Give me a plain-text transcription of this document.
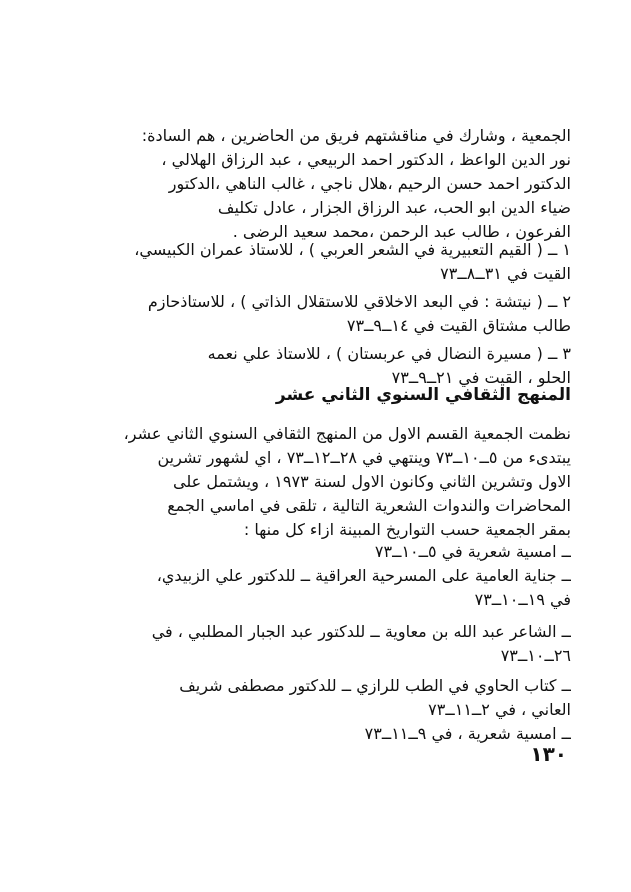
الجمعية ، وشارك في مناقشتهم فريق من الحاضرين ، هم السادة:
نور الدين الواعظ ، الدكتور احمد الربيعي ، عبد الرزاق الهلالي ،
الدكتور احمد حسن الرحيم ،هلال ناجي ، غالب الناهي ،الدكتور
ضياء الدين ابو الحب، عبد الرزاق الجزار ، عادل تكليف
الفرعون ، طالب عبد الرحمن ،محمد سعيد الرضى .
١ ــ ( القيم التعبيرية في الشعر العربي ) ، للاستاذ عمران الكبيسي،
القيت في ٣١ــ٨ــ٧٣
٢ ــ ( نيتشة : في البعد الاخلاقي للاستقلال الذاتي ) ، للاستاذحازم
طالب مشتاق القيت في ١٤ــ٩ــ٧٣
٣ ــ ( مسيرة النضال في عربستان ) ، للاستاذ علي نعمه
الحلو ، القيت في ٢١ــ٩ــ٧٣
المنهج الثقافي السنوي الثاني عشر
نظمت الجمعية القسم الاول من المنهج الثقافي السنوي الثاني عشر،
يبتدىء من ٥ــ١٠ــ٧٣ وينتهي في ٢٨ــ١٢ــ٧٣ ، اي لشهور تشرين
الاول وتشرين الثاني وكانون الاول لسنة ١٩٧٣ ، ويشتمل على
المحاضرات والندوات الشعرية التالية ، تلقى في اماسي الجمع
بمقر الجمعية حسب التواريخ المبينة ازاء كل منها :
ــ امسية شعرية في ٥ــ١٠ــ٧٣
ــ جناية العامية على المسرحية العراقية ــ للدكتور علي الزبيدي،
في ١٩ــ١٠ــ٧٣
ــ الشاعر عبد الله بن معاوية ــ للدكتور عبد الجبار المطلبي ، في
٢٦ــ١٠ــ٧٣
ــ كتاب الحاوي في الطب للرازي ــ للدكتور مصطفى شريف
العاني ، في ٢ــ١١ــ٧٣
ــ امسية شعرية ، في ٩ــ١١ــ٧٣
١٣٠
